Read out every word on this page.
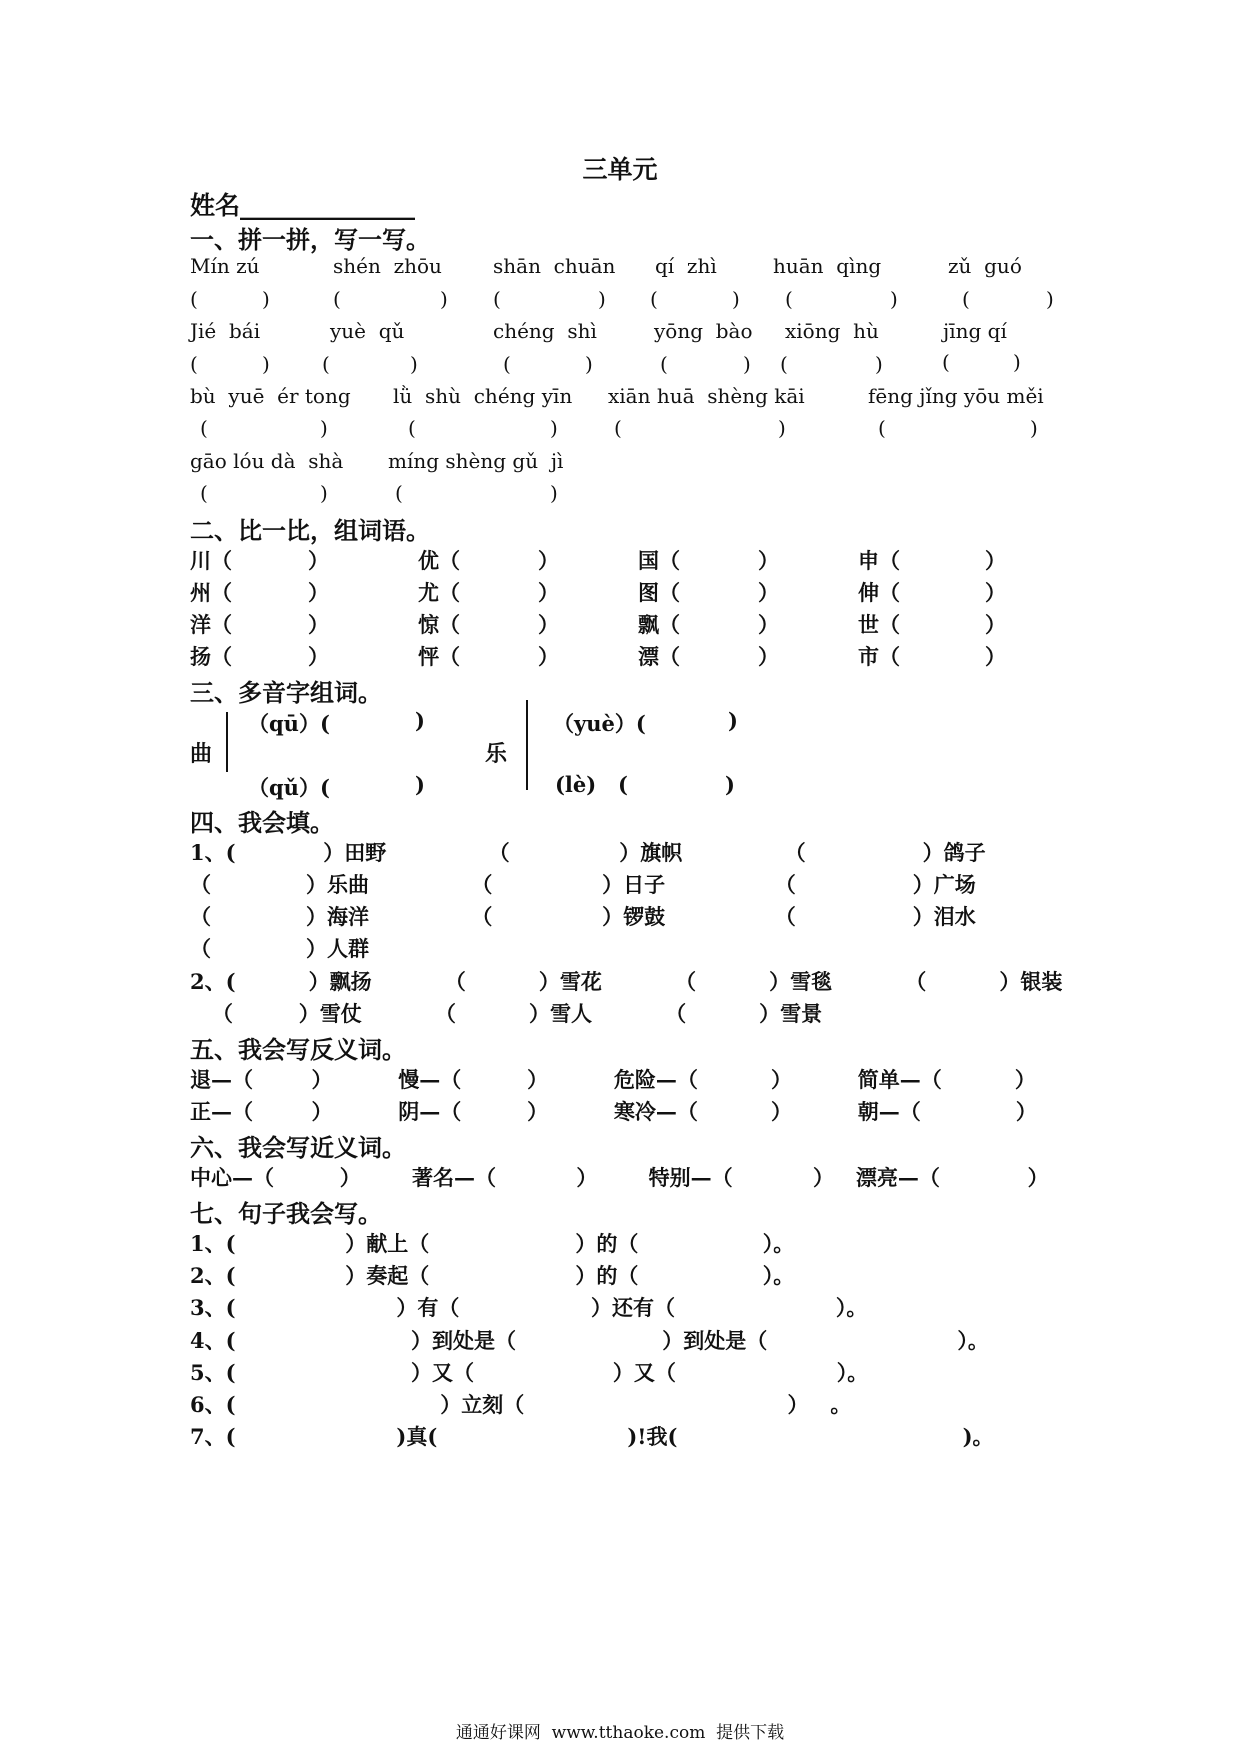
三单元
姓名______________
一、拼一拼，写一写。
Mín zú	shén  zhōu	shān  chuān qí  zhì	huān  qìng	zǔ  guó
(	)	(	) (	) (	) (	)	(	)
Jié  bái	yuè  qǔ	chéng  shì	yōng  bào xiōng  hù	jīng qí
(	)	(	)	(	)	(	) (	)	(	)
bù  yuē  ér tong lǜ  shù  chéng yīn xiān huā  shèng kāi	fēng jǐng yōu měi
(	)	(	)	(	)	(	)
gāo lóu dà  shà míng shèng gǔ  jì
(	)	(	)
二、比一比，组词语。
川（	）	优（	）	国（	）	申（	）
州（	）	尤（	）	图（	）	伸（	）
洋（	）	惊（	）	飘（	）	世（	）
扬（	）	怦（	）	漂（	）	市（	）
三、多音字组词。
曲
（qū）(	)
（qǔ）(	)
乐
（yuè）(	)
(lè) (	)
四、我会填。
1、(            ）田野              （               ）旗帜              （                ）鸽子
（             ）乐曲              （               ）日子               （                ）广场
（             ）海洋              （               ）锣鼓               （                ）泪水
（             ）人群
2、(          ）飘扬          （          ）雪花          （          ）雪毯          （          ）银装
（         ）雪仗          （          ）雪人          （          ）雪景
五、我会写反义词。
退—（        ）         慢—（         ）         危险—（          ）         简单—（          ）
正—（        ）         阴—（         ）         寒冷—（          ）         朝—（             ）
六、我会写近义词。
中心—（         ）       著名—（           ）       特别—（           ）   漂亮—（            ）
七、句子我会写。
1、(               ）献上（                    ）的（                 ）。
2、(               ）奏起（                    ）的（                 ）。
3、(                      ）有（                  ）还有（                      ）。
4、(                        ）到处是（                    ）到处是（                          ）。
5、(                        ）又（                   ）又（                      ）。
6、(                            ）立刻（                                    ）   。
7、(                      )真(                          )!我(                                       )。
通通好课网  www.tthaoke.com  提供下载
